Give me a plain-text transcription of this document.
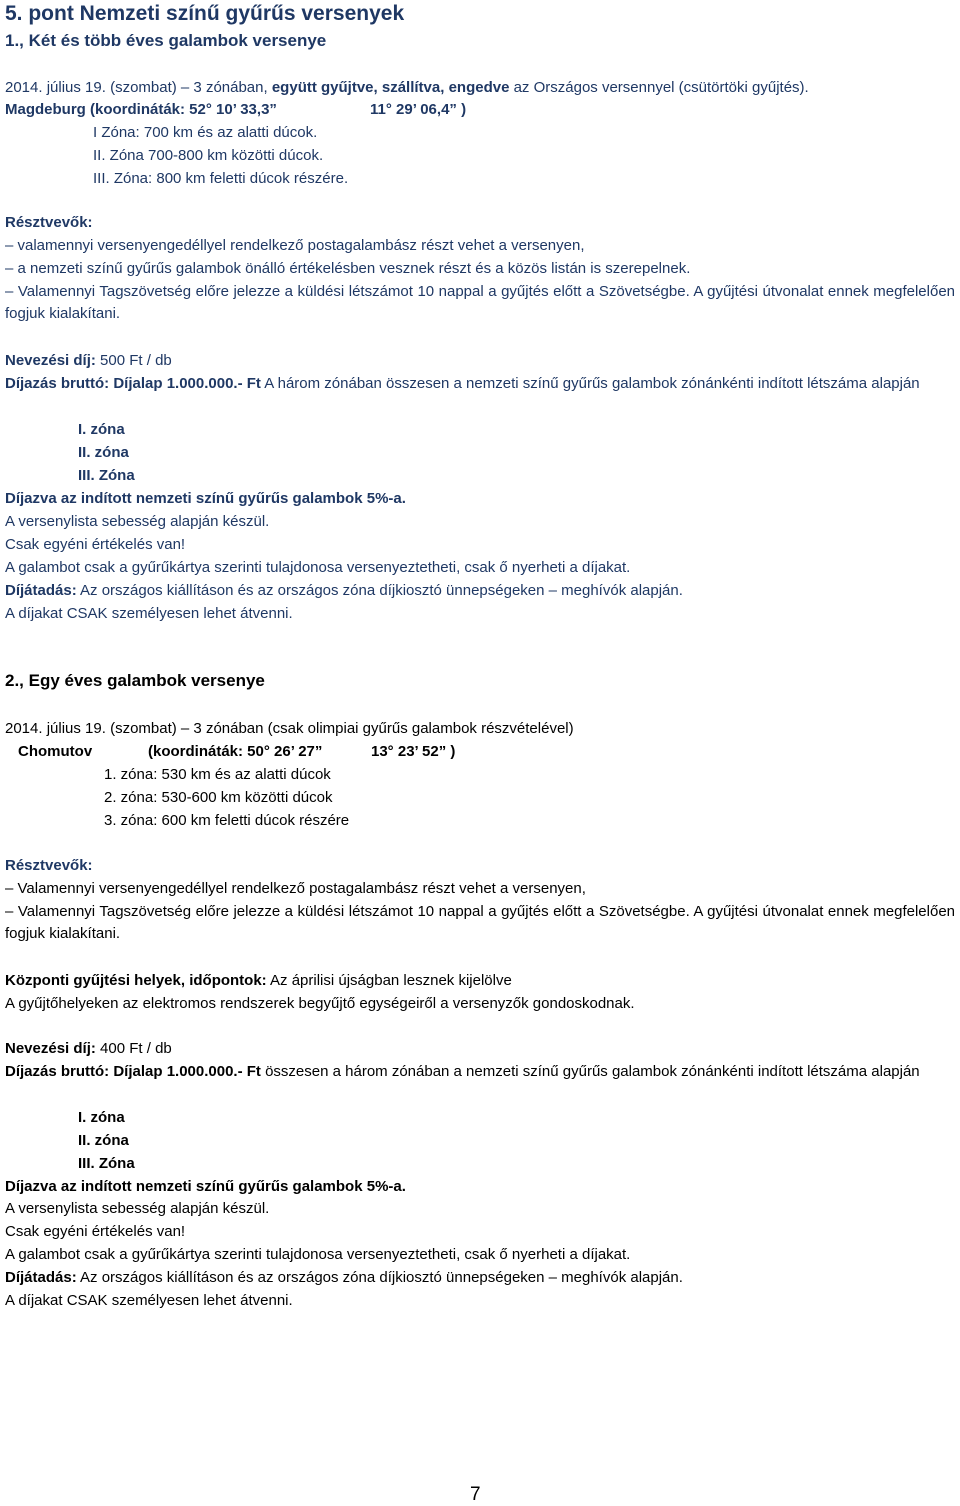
5. pont Nemzeti színű gyűrűs versenyek
1., Két és több éves galambok versenye
2014. július 19. (szombat) – 3 zónában, együtt gyűjtve, szállítva, engedve az Országos versennyel (csütörtöki gyűjtés).
Magdeburg (koordináták: 52° 10’ 33,3”	11° 29’ 06,4” )
I Zóna: 700 km és az alatti dúcok.
II. Zóna 700-800 km közötti dúcok.
III. Zóna: 800 km feletti dúcok részére.
Résztvevők:
– valamennyi versenyengedéllyel rendelkező postagalambász részt vehet a versenyen,
– a nemzeti színű gyűrűs galambok önálló értékelésben vesznek részt és a közös listán is szerepelnek.
– Valamennyi Tagszövetség előre jelezze a küldési létszámot 10 nappal a gyűjtés előtt a Szövetségbe. A gyűjtési útvonalat ennek megfelelően fogjuk kialakítani.
Nevezési díj: 500 Ft / db
Díjazás bruttó: Díjalap 1.000.000.- Ft A három zónában összesen a nemzeti színű gyűrűs galambok zónánkénti indított létszáma alapján
I. zóna
II. zóna
III. Zóna
Díjazva az indított nemzeti színű gyűrűs galambok 5%-a.
A versenylista sebesség alapján készül.
Csak egyéni értékelés van!
A galambot csak a gyűrűkártya szerinti tulajdonosa versenyeztetheti, csak ő nyerheti a díjakat.
Díjátadás: Az országos kiállításon és az országos zóna díjkiosztó ünnepségeken – meghívók alapján.
A díjakat CSAK személyesen lehet átvenni.
2., Egy éves galambok versenye
2014. július 19. (szombat) – 3 zónában (csak olimpiai gyűrűs galambok részvételével)
Chomutov	(koordináták: 50° 26’ 27”	13° 23’ 52” )
1. zóna: 530 km és az alatti dúcok
2. zóna: 530-600 km közötti dúcok
3. zóna: 600 km feletti dúcok részére
Résztvevők:
– Valamennyi versenyengedéllyel rendelkező postagalambász részt vehet a versenyen,
– Valamennyi Tagszövetség előre jelezze a küldési létszámot 10 nappal a gyűjtés előtt a Szövetségbe. A gyűjtési útvonalat ennek megfelelően fogjuk kialakítani.
Központi gyűjtési helyek, időpontok: Az áprilisi újságban lesznek kijelölve
A gyűjtőhelyeken az elektromos rendszerek begyűjtő egységeiről a versenyzők gondoskodnak.
Nevezési díj: 400 Ft / db
Díjazás bruttó: Díjalap 1.000.000.- Ft összesen a három zónában a nemzeti színű gyűrűs galambok zónánkénti indított létszáma alapján
I. zóna
II. zóna
III. Zóna
Díjazva az indított nemzeti színű gyűrűs galambok 5%-a.
A versenylista sebesség alapján készül.
Csak egyéni értékelés van!
A galambot csak a gyűrűkártya szerinti tulajdonosa versenyeztetheti, csak ő nyerheti a díjakat.
Díjátadás: Az országos kiállításon és az országos zóna díjkiosztó ünnepségeken – meghívók alapján.
A díjakat CSAK személyesen lehet átvenni.
7
